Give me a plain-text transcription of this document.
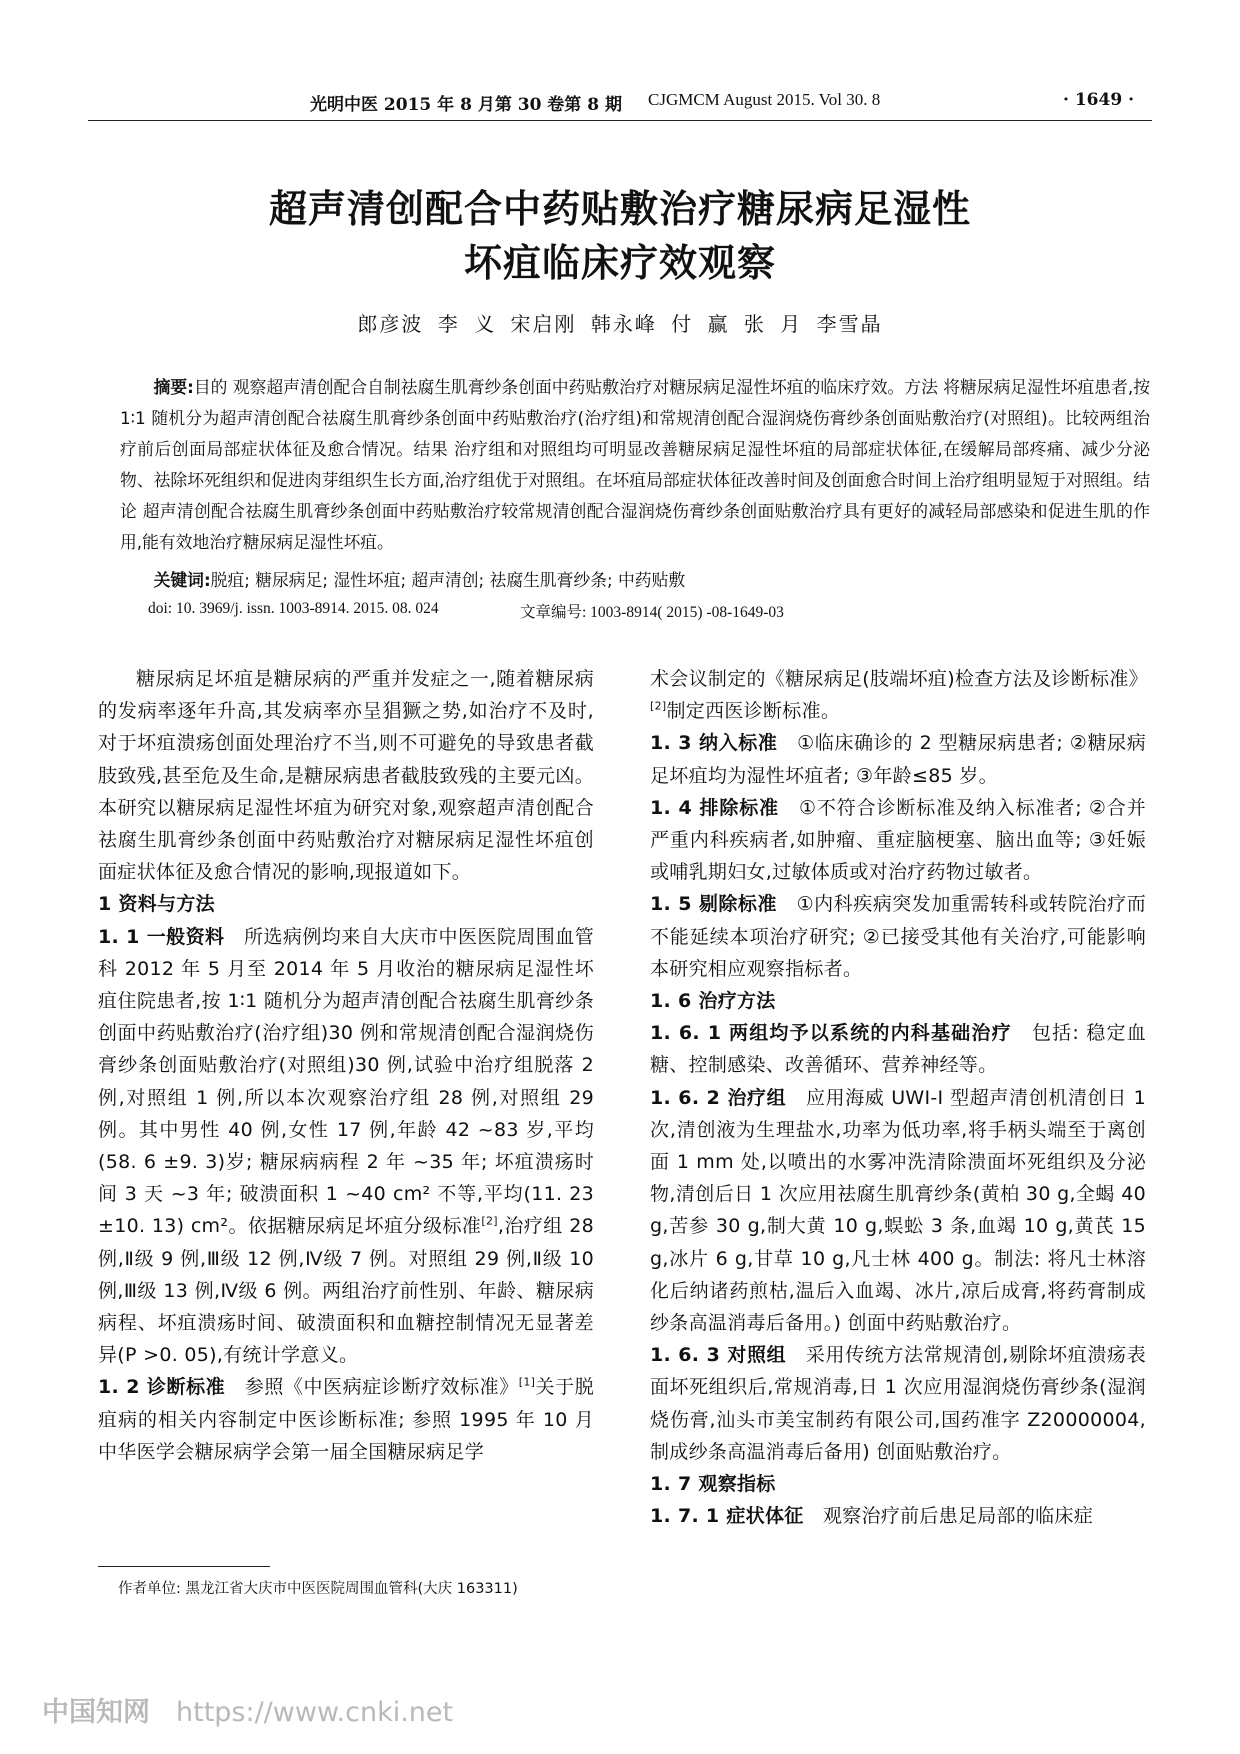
光明中医 2015 年 8 月第 30 卷第 8 期 CJGMCM August 2015. Vol 30. 8	· 1649 ·
超声清创配合中药贴敷治疗糖尿病足湿性
坏疽临床疗效观察
郎彦波 李 义 宋启刚 韩永峰 付 赢 张 月 李雪晶

摘要:目的 观察超声清创配合自制祛腐生肌膏纱条创面中药贴敷治疗对糖尿病足湿性坏疽的临床疗效。方法 将糖尿病足湿性坏疽患者,按 1∶1 随机分为超声清创配合祛腐生肌膏纱条创面中药贴敷治疗(治疗组)和常规清创配合湿润烧伤膏纱条创面贴敷治疗(对照组)。比较两组治疗前后创面局部症状体征及愈合情况。结果 治疗组和对照组均可明显改善糖尿病足湿性坏疽的局部症状体征,在缓解局部疼痛、减少分泌物、祛除坏死组织和促进肉芽组织生长方面,治疗组优于对照组。在坏疽局部症状体征改善时间及创面愈合时间上治疗组明显短于对照组。结论 超声清创配合祛腐生肌膏纱条创面中药贴敷治疗较常规清创配合湿润烧伤膏纱条创面贴敷治疗具有更好的减轻局部感染和促进生肌的作用,能有效地治疗糖尿病足湿性坏疽。

关键词:脱疽; 糖尿病足; 湿性坏疽; 超声清创; 祛腐生肌膏纱条; 中药贴敷
doi: 10. 3969/j. issn. 1003-8914. 2015. 08. 024	文章编号: 1003-8914( 2015) -08-1649-03

糖尿病足坏疽是糖尿病的严重并发症之一,随着糖尿病的发病率逐年升高,其发病率亦呈猖獗之势,如治疗不及时,对于坏疽溃疡创面处理治疗不当,则不可避免的导致患者截肢致残,甚至危及生命,是糖尿病患者截肢致残的主要元凶。本研究以糖尿病足湿性坏疽为研究对象,观察超声清创配合祛腐生肌膏纱条创面中药贴敷治疗对糖尿病足湿性坏疽创面症状体征及愈合情况的影响,现报道如下。

1 资料与方法

1. 1 一般资料  所选病例均来自大庆市中医医院周围血管科 2012 年 5 月至 2014 年 5 月收治的糖尿病足湿性坏疽住院患者,按 1∶1 随机分为超声清创配合祛腐生肌膏纱条创面中药贴敷治疗(治疗组)30 例和常规清创配合湿润烧伤膏纱条创面贴敷治疗(对照组)30 例,试验中治疗组脱落 2 例,对照组 1 例,所以本次观察治疗组 28 例,对照组 29 例。其中男性 40 例,女性 17 例,年龄 42 ~83 岁,平均(58. 6 ±9. 3)岁; 糖尿病病程 2 年 ~35 年; 坏疽溃疡时间 3 天 ~3 年; 破溃面积 1 ~40 cm² 不等,平均(11. 23 ±10. 13) cm²。依据糖尿病足坏疽分级标准[2],治疗组 28 例,Ⅱ级 9 例,Ⅲ级 12 例,Ⅳ级 7 例。对照组 29 例,Ⅱ级 10 例,Ⅲ级 13 例,Ⅳ级 6 例。两组治疗前性别、年龄、糖尿病病程、坏疽溃疡时间、破溃面积和血糖控制情况无显著差异(P >0. 05),有统计学意义。

1. 2 诊断标准  参照《中医病症诊断疗效标准》[1]关于脱疽病的相关内容制定中医诊断标准; 参照 1995 年 10 月中华医学会糖尿病学会第一届全国糖尿病足学

术会议制定的《糖尿病足(肢端坏疽)检查方法及诊断标准》[2]制定西医诊断标准。

1. 3 纳入标准  ①临床确诊的 2 型糖尿病患者; ②糖尿病足坏疽均为湿性坏疽者; ③年龄≤85 岁。

1. 4 排除标准  ①不符合诊断标准及纳入标准者; ②合并严重内科疾病者,如肿瘤、重症脑梗塞、脑出血等; ③妊娠或哺乳期妇女,过敏体质或对治疗药物过敏者。

1. 5 剔除标准  ①内科疾病突发加重需转科或转院治疗而不能延续本项治疗研究; ②已接受其他有关治疗,可能影响本研究相应观察指标者。

1. 6 治疗方法

1. 6. 1 两组均予以系统的内科基础治疗  包括: 稳定血糖、控制感染、改善循环、营养神经等。

1. 6. 2 治疗组  应用海威 UWI-I 型超声清创机清创日 1 次,清创液为生理盐水,功率为低功率,将手柄头端至于离创面 1 mm 处,以喷出的水雾冲洗清除溃面坏死组织及分泌物,清创后日 1 次应用祛腐生肌膏纱条(黄柏 30 g,全蝎 40 g,苦参 30 g,制大黄 10 g,蜈蚣 3 条,血竭 10 g,黄芪 15 g,冰片 6 g,甘草 10 g,凡士林 400 g。制法: 将凡士林溶化后纳诸药煎枯,温后入血竭、冰片,凉后成膏,将药膏制成纱条高温消毒后备用。) 创面中药贴敷治疗。

1. 6. 3 对照组  采用传统方法常规清创,剔除坏疽溃疡表面坏死组织后,常规消毒,日 1 次应用湿润烧伤膏纱条(湿润烧伤膏,汕头市美宝制药有限公司,国药准字 Z20000004,制成纱条高温消毒后备用) 创面贴敷治疗。

1. 7 观察指标

1. 7. 1 症状体征  观察治疗前后患足局部的临床症

作者单位: 黑龙江省大庆市中医医院周围血管科(大庆 163311)
中国知网 https://www.cnki.net
